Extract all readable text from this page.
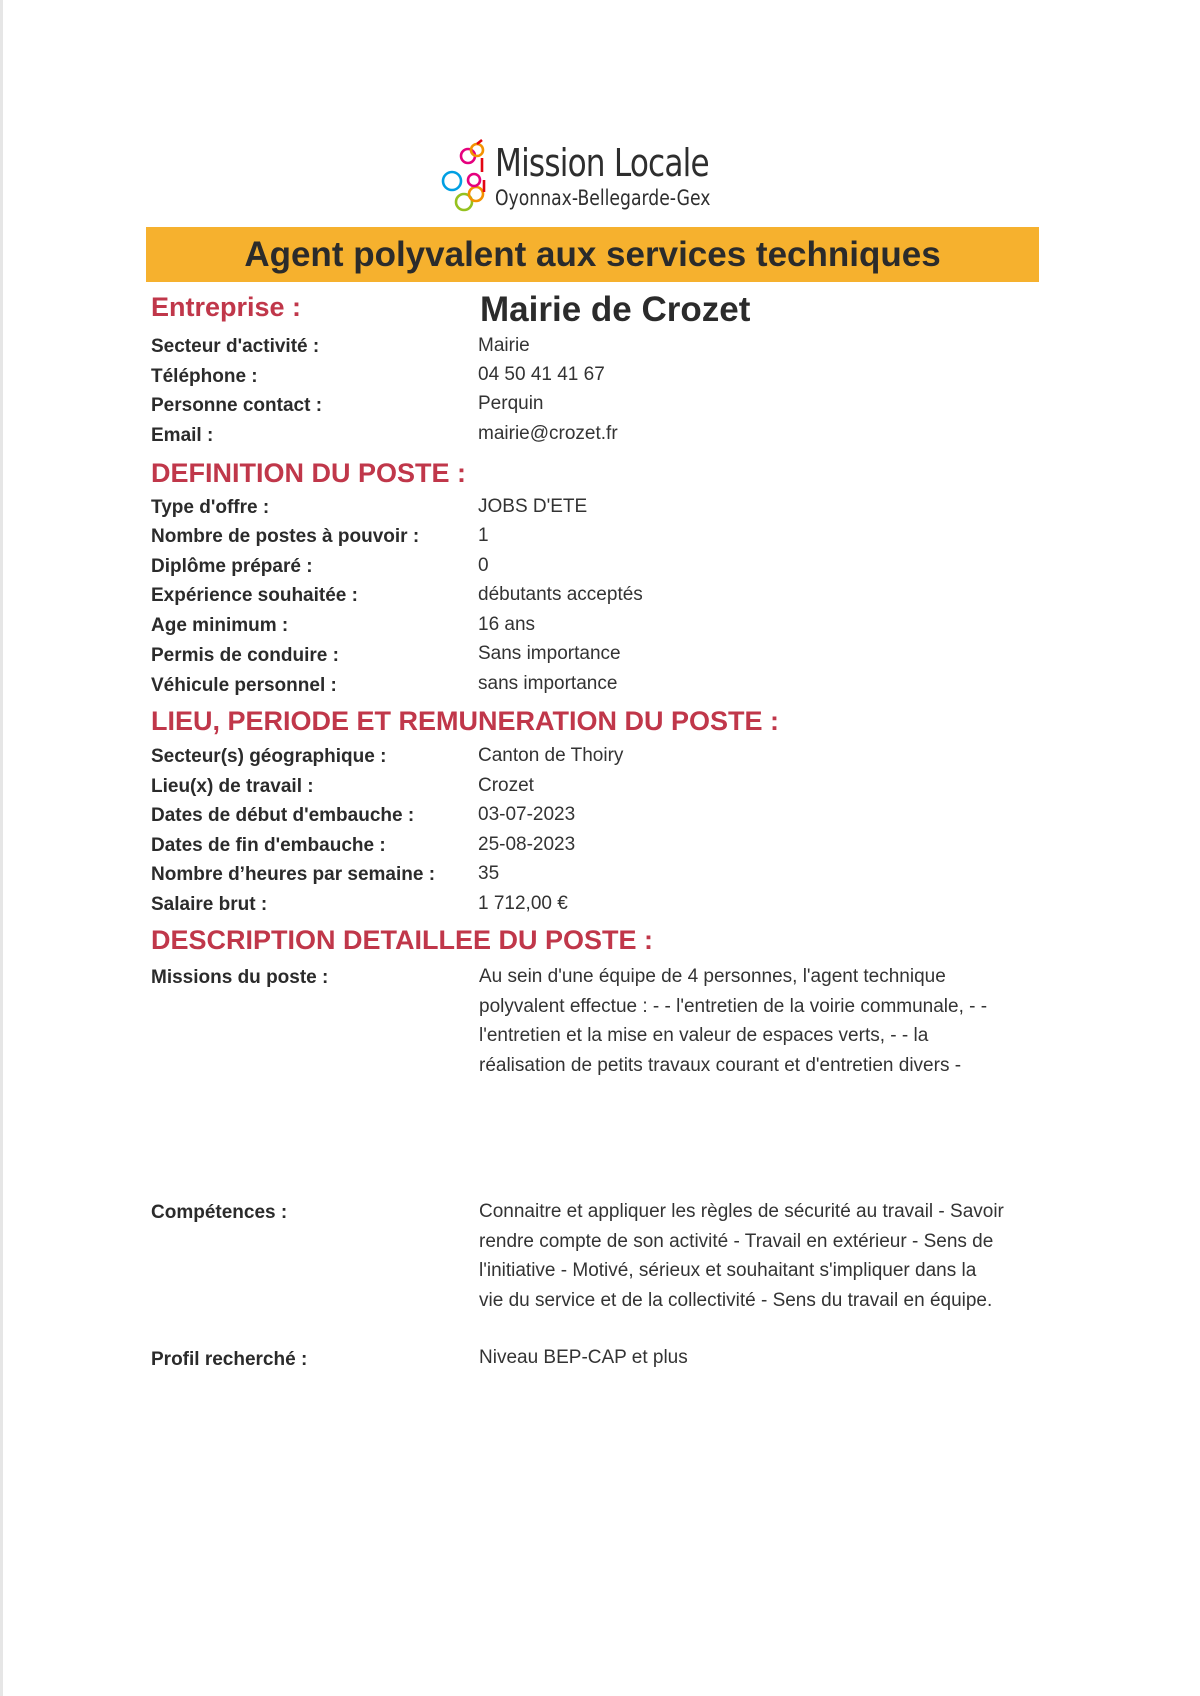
Mission Locale
Oyonnax-Bellegarde-Gex
Agent polyvalent aux services techniques
Entreprise :	Mairie de Crozet
Secteur d'activité :	Mairie
Téléphone :	04 50 41 41 67
Personne contact :	Perquin
Email :	mairie@crozet.fr
DEFINITION DU POSTE :
Type d'offre :	JOBS D'ETE
Nombre de postes à pouvoir :	1
Diplôme préparé :	0
Expérience souhaitée :	débutants acceptés
Age minimum :	16 ans
Permis de conduire :	Sans importance
Véhicule personnel :	sans importance
LIEU, PERIODE ET REMUNERATION DU POSTE :
Secteur(s) géographique :	Canton de Thoiry
Lieu(x) de travail :	Crozet
Dates de début d'embauche :	03-07-2023
Dates de fin d'embauche :	25-08-2023
Nombre d’heures par semaine : 35
Salaire brut :	1 712,00 €
DESCRIPTION DETAILLEE DU POSTE :
Missions du poste :	Au sein d'une équipe de 4 personnes, l'agent technique
polyvalent effectue : - - l'entretien de la voirie communale, - -
l'entretien et la mise en valeur de espaces verts, - - la
réalisation de petits travaux courant et d'entretien divers -
Compétences :	Connaitre et appliquer les règles de sécurité au travail - Savoir
rendre compte de son activité - Travail en extérieur - Sens de
l'initiative - Motivé, sérieux et souhaitant s'impliquer dans la
vie du service et de la collectivité - Sens du travail en équipe.
Profil recherché :	Niveau BEP-CAP et plus
